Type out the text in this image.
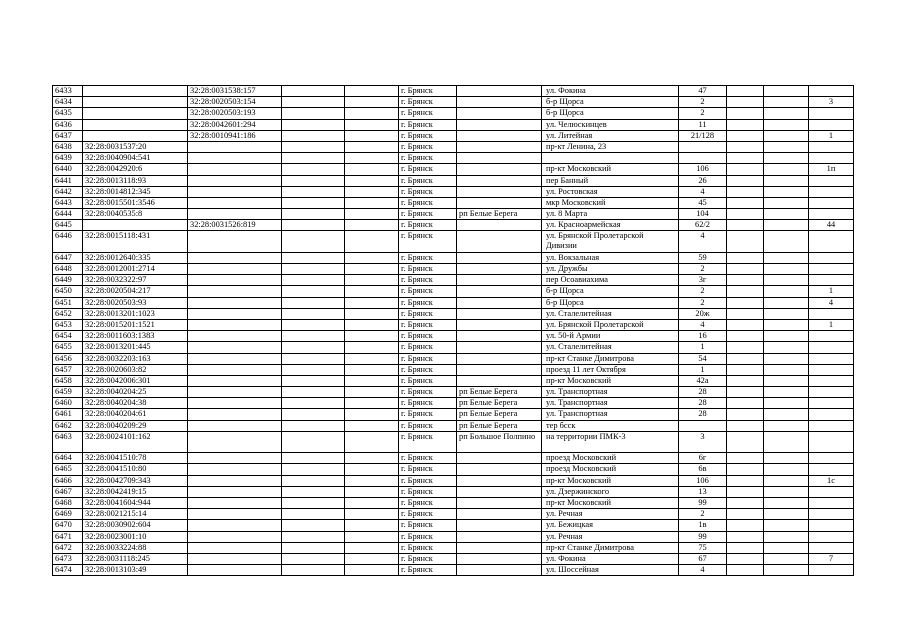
6433		32:28:0031538:157			г. Брянск		ул. Фокина	47			
6434		32:28:0020503:154			г. Брянск		б-р Щорса	2			3
6435		32:28:0020503:193			г. Брянск		б-р Щорса	2			
6436		32:28:0042601:294			г. Брянск		ул. Челюскинцев	11			
6437		32:28:0010941:186			г. Брянск		ул. Литейная	21/128			1
6438	32:28:0031537:20				г. Брянск		пр-кт Ленина, 23				
6439	32:28:0040904:541				г. Брянск						
6440	32:28:0042920:6				г. Брянск		пр-кт Московский	106			1п
6441	32:28:0013118:93				г. Брянск		пер Банный	26			
6442	32:28:0014812:345				г. Брянск		ул. Ростовская	4			
6443	32:28:0015501:3546				г. Брянск		мкр Московский	45			
6444	32:28:0040535:8				г. Брянск	рп Белые Берега	ул. 8 Марта	104			
6445		32:28:0031526:819			г. Брянск		ул. Красноармейская	62/2			44
6446	32:28:0015118:431				г. Брянск		ул. Брянской Пролетарской Дивизии	4			
6447	32:28:0012640:335				г. Брянск		ул. Вокзальная	59			
6448	32:28:0012001:2714				г. Брянск		ул. Дружбы	2			
6449	32:28:0032322:97				г. Брянск		пер Осоавиахима	3г			
6450	32:28:0020504:217				г. Брянск		б-р Щорса	2			1
6451	32:28:0020503:93				г. Брянск		б-р Щорса	2			4
6452	32:28:0013201:1023				г. Брянск		ул. Сталелитейная	20ж			
6453	32:28:0015201:1521				г. Брянск		ул. Брянской Пролетарской	4			1
6454	32:28:0011603:1383				г. Брянск		ул. 50-й Армии	16			
6455	32:28:0013201:445				г. Брянск		ул. Сталелитейная	1			
6456	32:28:0032203:163				г. Брянск		пр-кт Станке Димитрова	54			
6457	32:28:0020603:82				г. Брянск		проезд 11 лет Октября	1			
6458	32:28:0042006:301				г. Брянск		пр-кт Московский	42а			
6459	32:28:0040204:25				г. Брянск	рп Белые Берега	ул. Транспортная	28			
6460	32:28:0040204:38				г. Брянск	рп Белые Берега	ул. Транспортная	28			
6461	32:28:0040204:61				г. Брянск	рп Белые Берега	ул. Транспортная	28			
6462	32:28:0040209:29				г. Брянск	рп Белые Берега	тер бсск				
6463	32:28:0024101:162				г. Брянск	рп Большое Полпино	на территории ПМК-3	3			
6464	32:28:0041510:78				г. Брянск		проезд Московский	6г			
6465	32:28:0041510:80				г. Брянск		проезд Московский	6в			
6466	32:28:0042709:343				г. Брянск		пр-кт Московский	106			1с
6467	32:28:0042419:15				г. Брянск		ул. Дзержинского	13			
6468	32:28:0041604:944				г. Брянск		пр-кт Московский	99			
6469	32:28:0021215:14				г. Брянск		ул. Речная	2			
6470	32:28:0030902:604				г. Брянск		ул. Бежицкая	1в			
6471	32:28:0023001:10				г. Брянск		ул. Речная	99			
6472	32:28:0033224:88				г. Брянск		пр-кт Станке Димитрова	75			
6473	32:28:0031118:245				г. Брянск		ул. Фокина	67			7
6474	32:28:0013103:49				г. Брянск		ул. Шоссейная	4			
